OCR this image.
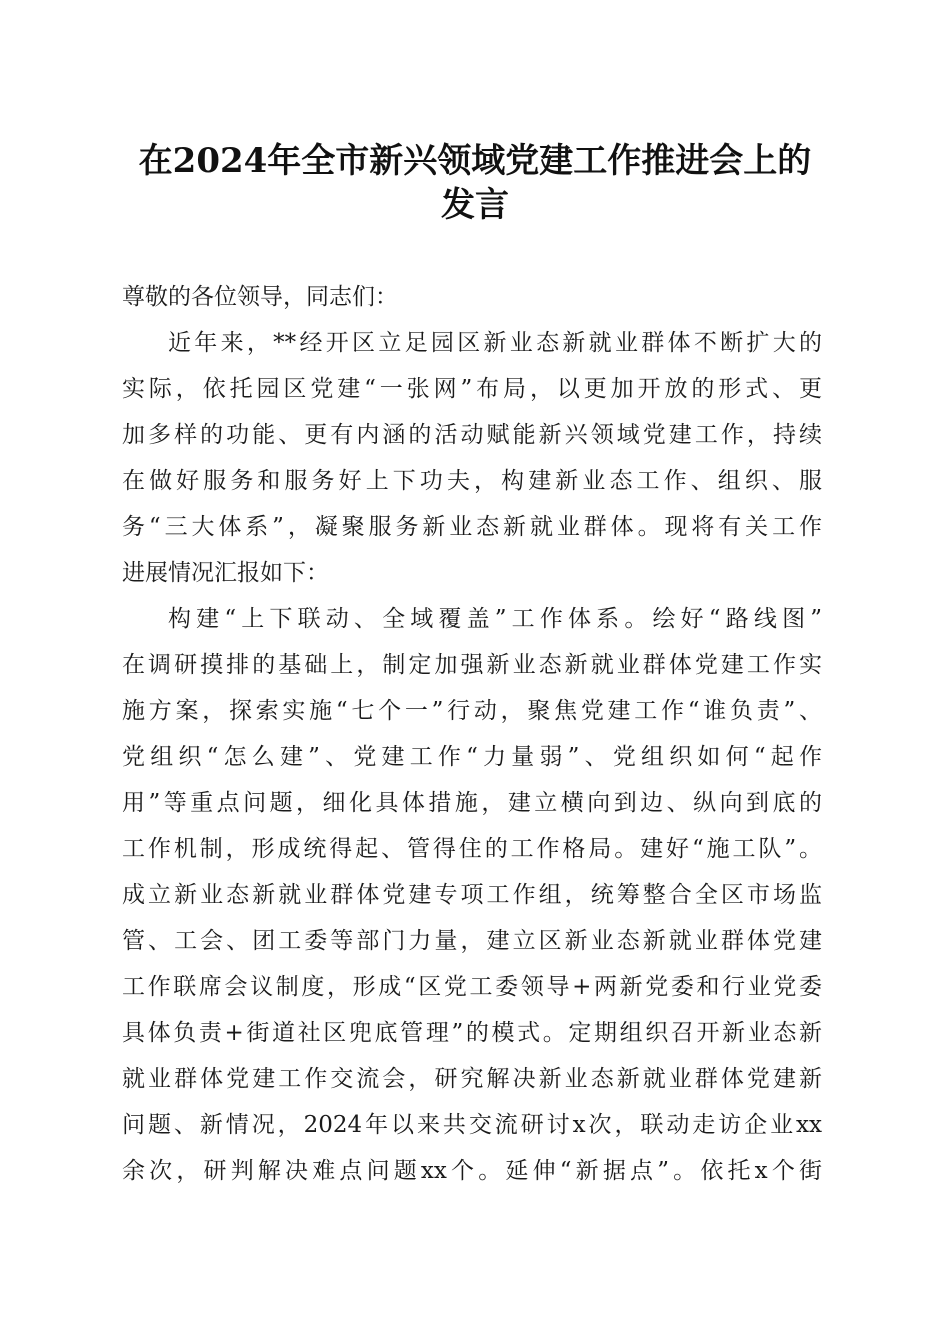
在2024年全市新兴领域党建工作推进会上的
发言
尊敬的各位领导，同志们：
近年来，**经开区立足园区新业态新就业群体不断扩大的
实际，依托园区党建“一张网”布局，以更加开放的形式、更
加多样的功能、更有内涵的活动赋能新兴领域党建工作，持续
在做好服务和服务好上下功夫，构建新业态工作、组织、服
务“三大体系”，凝聚服务新业态新就业群体。现将有关工作
进展情况汇报如下：
构建“上下联动、全域覆盖”工作体系。绘好“路线图”
在调研摸排的基础上，制定加强新业态新就业群体党建工作实
施方案，探索实施“七个一”行动，聚焦党建工作“谁负责”、
党组织“怎么建”、党建工作“力量弱”、党组织如何“起作
用”等重点问题，细化具体措施，建立横向到边、纵向到底的
工作机制，形成统得起、管得住的工作格局。建好“施工队”。
成立新业态新就业群体党建专项工作组，统筹整合全区市场监
管、工会、团工委等部门力量，建立区新业态新就业群体党建
工作联席会议制度，形成“区党工委领导+两新党委和行业党委
具体负责+街道社区兜底管理”的模式。定期组织召开新业态新
就业群体党建工作交流会，研究解决新业态新就业群体党建新
问题、新情况，2024年以来共交流研讨x次，联动走访企业xx
余次，研判解决难点问题xx个。延伸“新据点”。依托x个街
